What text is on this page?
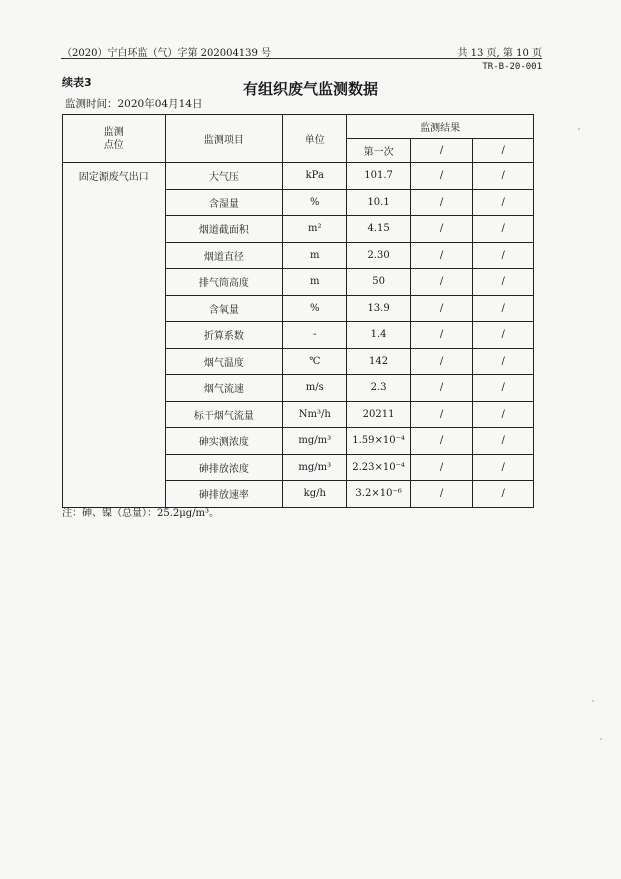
（2020）宁白环监（气）字第 202004139 号	共 13 页, 第 10 页
TR-B-20-001
续表3	有组织废气监测数据
监测时间：2020年04月14日
监测
点位	监测项目	单位	监测结果		
			第一次	/	/
固定源废气出口	大气压	kPa	101.7	/	/
	含湿量	%	10.1	/	/
	烟道截面积	m²	4.15	/	/
	烟道直径	m	2.30	/	/
	排气筒高度	m	50	/	/
	含氧量	%	13.9	/	/
	折算系数	-	1.4	/	/
	烟气温度	℃	142	/	/
	烟气流速	m/s	2.3	/	/
	标干烟气流量	Nm³/h	20211	/	/
	砷实测浓度	mg/m³	1.59×10⁻⁴	/	/
	砷排放浓度	mg/m³	2.23×10⁻⁴	/	/
	砷排放速率	kg/h	3.2×10⁻⁶	/	/
注：砷、镍（总量）：25.2μg/m³。
